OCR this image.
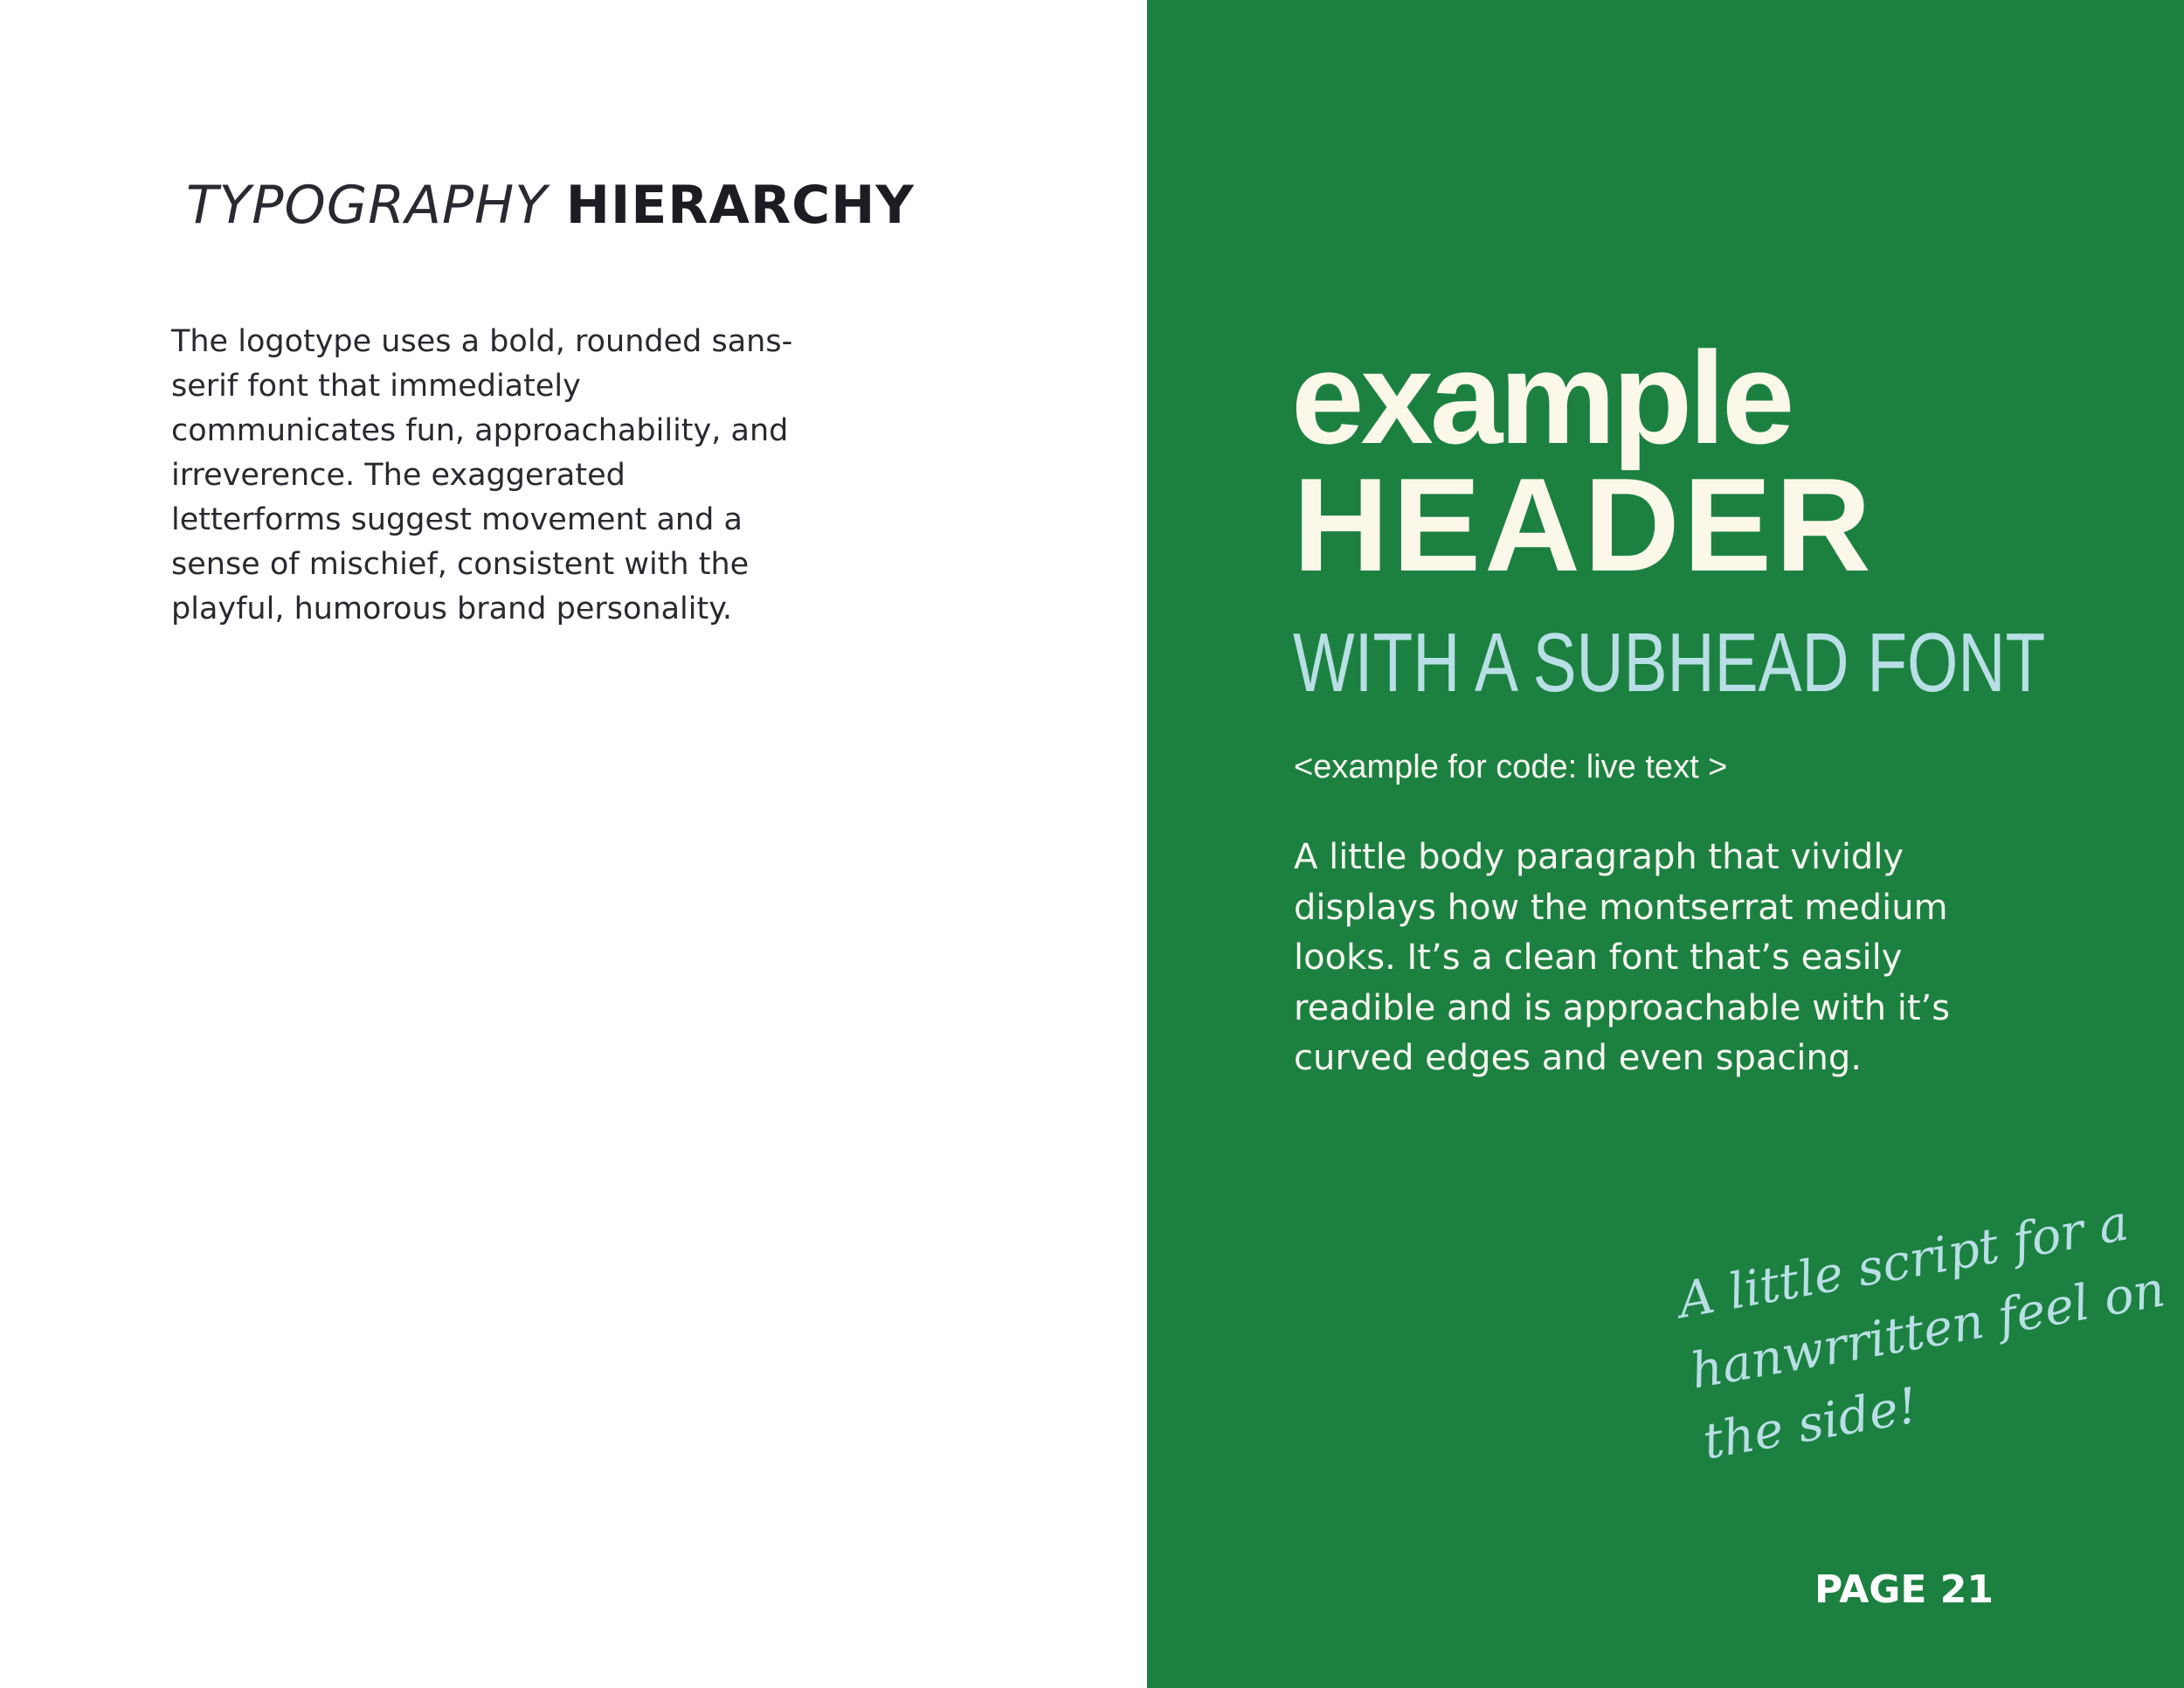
TYPOGRAPHY HIERARCHY

The logotype uses a bold, rounded sans-serif font that immediately communicates fun, approachability, and irreverence. The exaggerated letterforms suggest movement and a sense of mischief, consistent with the playful, humorous brand personality.

example
HEADER
WITH A SUBHEAD FONT
<example for code: live text >

A little body paragraph that vividly displays how the montserrat medium looks. It’s a clean font that’s easily readible and is approachable with it’s curved edges and even spacing.

A little script for a hanwrritten feel on the side!

PAGE 21
